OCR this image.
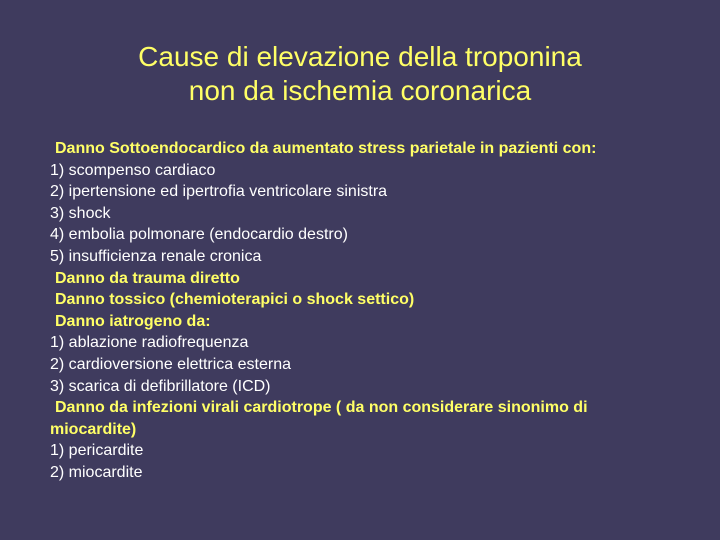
Cause di elevazione della troponina
non da ischemia coronarica
Danno Sottoendocardico da aumentato stress parietale in pazienti con:
1) scompenso cardiaco
2) ipertensione ed ipertrofia ventricolare sinistra
3) shock
4) embolia polmonare (endocardio destro)
5) insufficienza renale cronica
Danno da trauma diretto
Danno tossico (chemioterapici o shock settico)
Danno iatrogeno da:
1) ablazione radiofrequenza
2) cardioversione elettrica esterna
3) scarica di defibrillatore (ICD)
Danno da infezioni virali cardiotrope ( da non considerare sinonimo di
miocardite)
1) pericardite
2) miocardite
